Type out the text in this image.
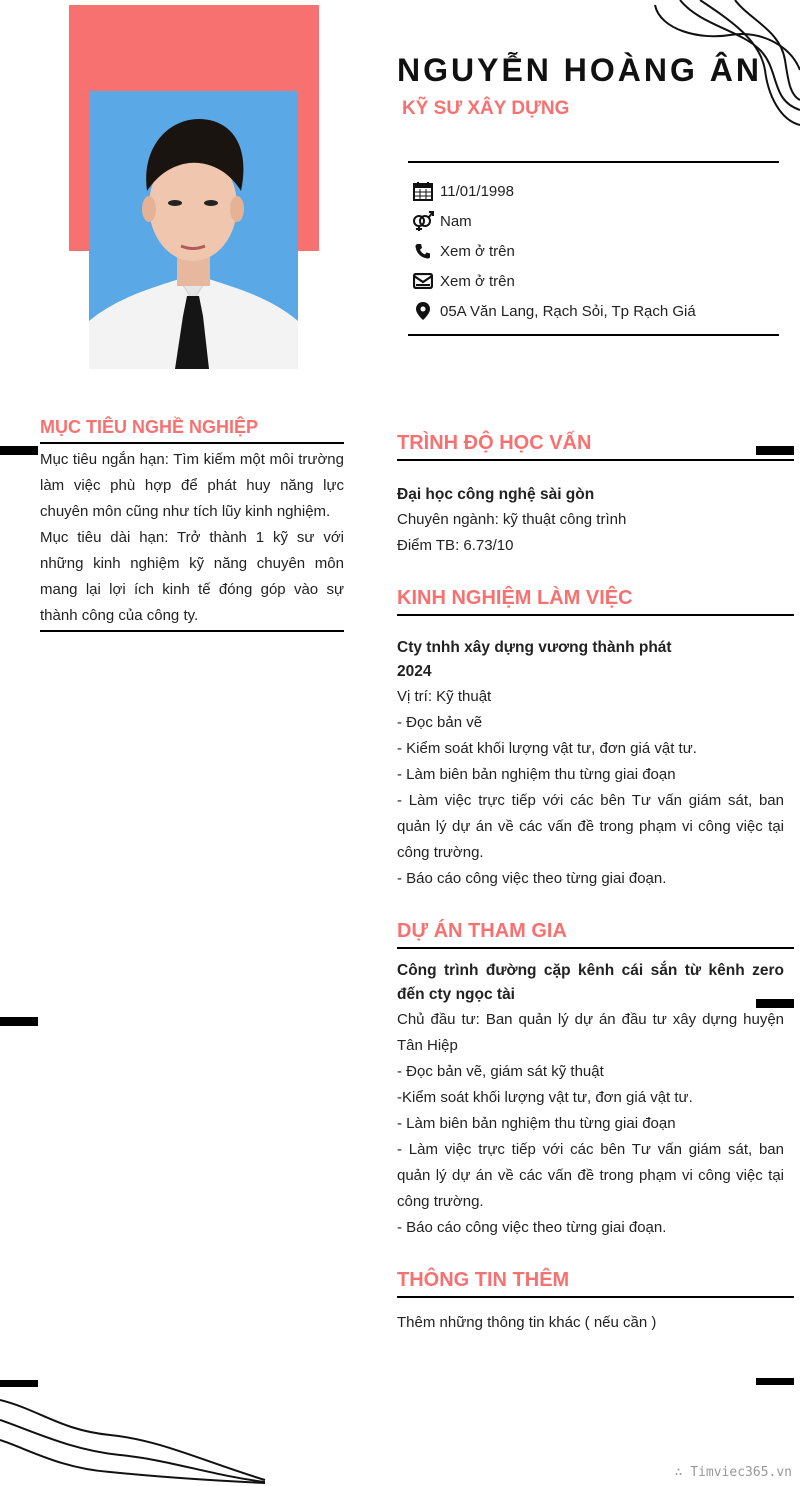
NGUYỄN HOÀNG ÂN
KỸ SƯ XÂY DỰNG
11/01/1998
Nam
Xem ở trên
Xem ở trên
05A Văn Lang, Rạch Sỏi, Tp Rạch Giá
MỤC TIÊU NGHỀ NGHIỆP

Mục tiêu ngắn hạn: Tìm kiếm một môi trường làm việc phù hợp để phát huy năng lực chuyên môn cũng như tích lũy kinh nghiệm.

Mục tiêu dài hạn: Trở thành 1 kỹ sư với những kinh nghiệm kỹ năng chuyên môn mang lại lợi ích kinh tế đóng góp vào sự thành công của công ty.

TRÌNH ĐỘ HỌC VẤN

Đại học công nghệ sài gòn

Chuyên ngành: kỹ thuật công trình

Điểm TB: 6.73/10

KINH NGHIỆM LÀM VIỆC

Cty tnhh xây dựng vương thành phát

2024

Vị trí: Kỹ thuật

- Đọc bản vẽ

- Kiểm soát khối lượng vật tư, đơn giá vật tư.

- Làm biên bản nghiệm thu từng giai đoạn

- Làm việc trực tiếp với các bên Tư vấn giám sát, ban quản lý dự án về các vấn đề trong phạm vi công việc tại công trường.

- Báo cáo công việc theo từng giai đoạn.

DỰ ÁN THAM GIA

Công trình đường cặp kênh cái sắn từ kênh zero đến cty ngọc tài

Chủ đầu tư: Ban quản lý dự án đầu tư xây dựng huyện Tân Hiệp

- Đọc bản vẽ, giám sát kỹ thuật

-Kiểm soát khối lượng vật tư, đơn giá vật tư.

- Làm biên bản nghiệm thu từng giai đoạn

- Làm việc trực tiếp với các bên Tư vấn giám sát, ban quản lý dự án về các vấn đề trong phạm vi công việc tại công trường.

- Báo cáo công việc theo từng giai đoạn.

THÔNG TIN THÊM

Thêm những thông tin khác ( nếu cần )

∴ Timviec365.vn
